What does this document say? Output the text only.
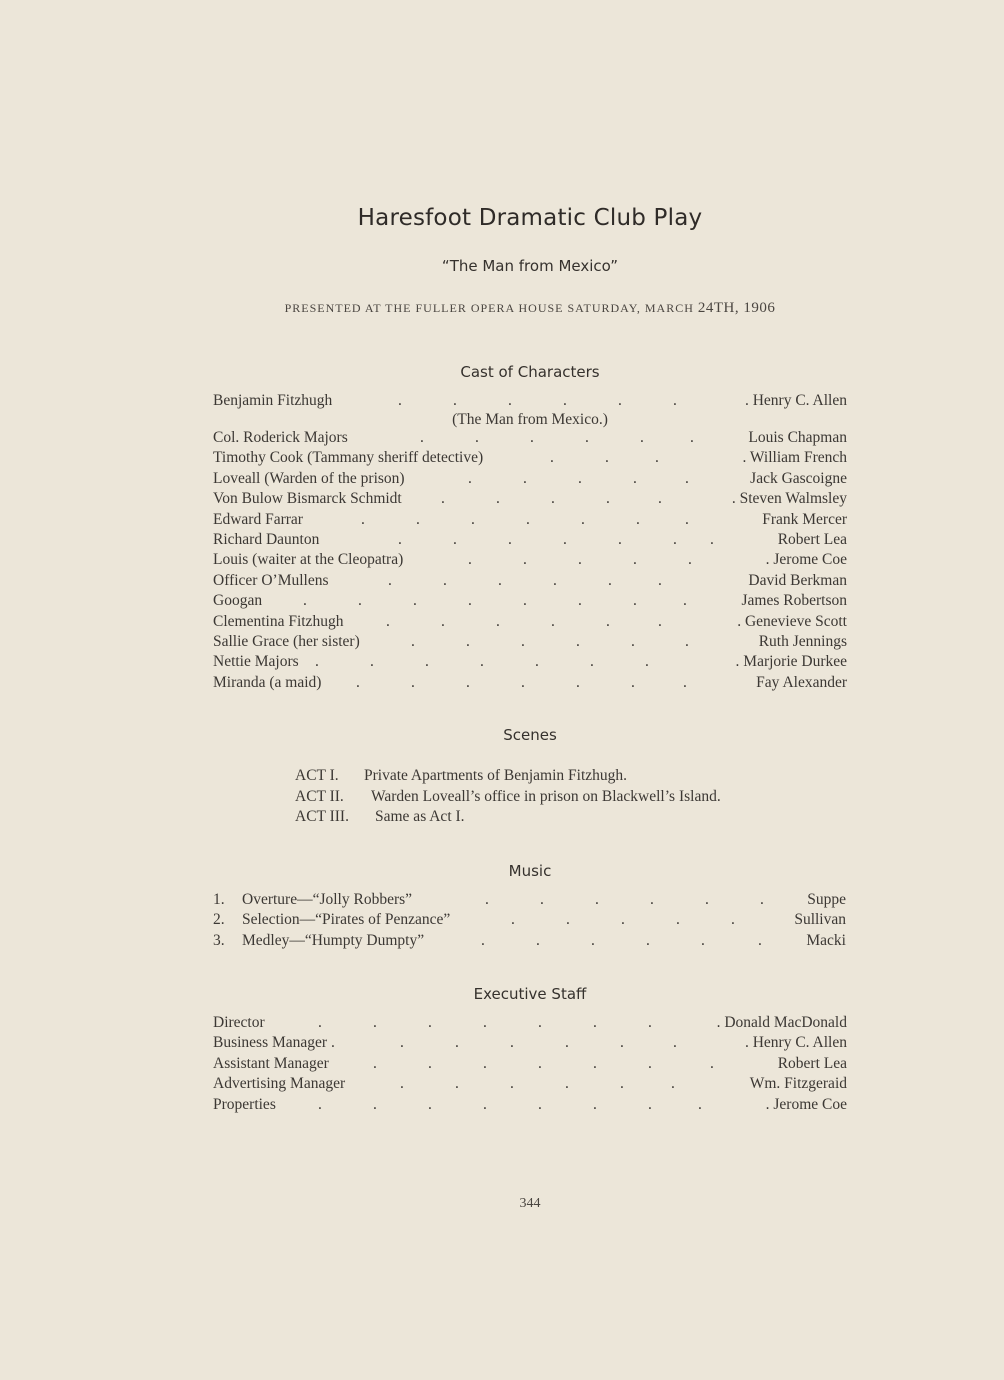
Haresfoot Dramatic Club Play
“The Man from Mexico”
PRESENTED AT THE FULLER OPERA HOUSE SATURDAY, MARCH 24TH, 1906
Cast of Characters
Benjamin Fitzhugh	.	.	.	.	.	.	. Henry C. Allen
(The Man from Mexico.)
Col. Roderick Majors	.	.	.	.	.	.	Louis Chapman
Timothy Cook (Tammany sheriff detective)	.	.	.	. William French
Loveall (Warden of the prison)	.	.	.	.	.	Jack Gascoigne
Von Bulow Bismarck Schmidt	.	.	.	.	.	. Steven Walmsley
Edward Farrar	.	.	.	.	.	.	.	Frank Mercer
Richard Daunton	.	.	.	.	.	. .	Robert Lea
Louis (waiter at the Cleopatra)	.	.	.	.	.	. Jerome Coe
Officer O’Mullens	.	.	.	.	.	.	David Berkman
Googan	.	.	.	.	.	.	.	.	James Robertson
Clementina Fitzhugh	.	.	.	.	.	.	. Genevieve Scott
Sallie Grace (her sister)	.	.	.	.	.	.	Ruth Jennings
Nettie Majors .	.	.	.	.	.	.	. Marjorie Durkee
Miranda (a maid) .	.	.	.	.	.	.	Fay Alexander
Scenes
ACT I. Private Apartments of Benjamin Fitzhugh.
ACT II. Warden Loveall’s office in prison on Blackwell’s Island.
ACT III. Same as Act I.
Music
1. Overture—“Jolly Robbers”	.	.	.	.	.	.	Suppe
2. Selection—“Pirates of Penzance”	.	.	.	.	.	Sullivan
3. Medley—“Humpty Dumpty”	.	.	.	.	.	.	Macki
Executive Staff
Director	.	.	.	.	.	.	.	. Donald MacDonald
Business Manager .	.	.	.	.	.	.	. Henry C. Allen
Assistant Manager	.	.	.	.	.	.	.	Robert Lea
Advertising Manager	.	.	.	.	.	.	Wm. Fitzgeraid
Properties	.	.	.	.	.	.	.	.	. Jerome Coe
344
